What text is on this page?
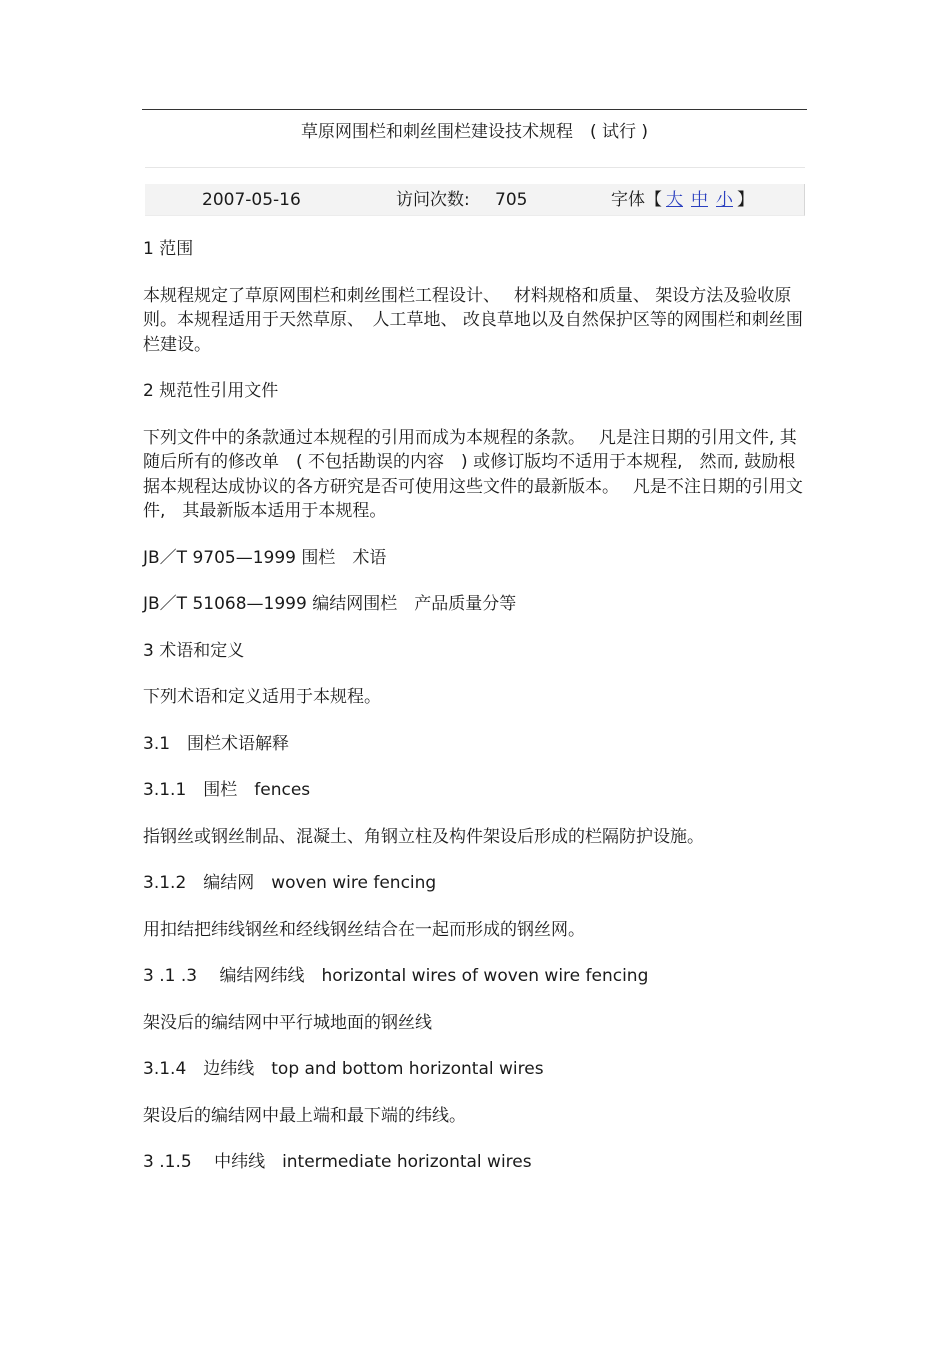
草原网围栏和刺丝围栏建设技术规程　( 试行 )
2007-05-16	访问次数: 705	字体【 大 中 小 】

1 范围

本规程规定了草原网围栏和刺丝围栏工程设计、　 材料规格和质量、 架设方法及验收原则。本规程适用于天然草原、　人工草地、 改良草地以及自然保护区等的网围栏和刺丝围栏建设。

2 规范性引用文件

下列文件中的条款通过本规程的引用而成为本规程的条款。　 凡是注日期的引用文件, 其随后所有的修改单　( 不包括勘误的内容　) 或修订版均不适用于本规程,　然而, 鼓励根据本规程达成协议的各方研究是否可使用这些文件的最新版本。　 凡是不注日期的引用文件,　其最新版本适用于本规程。

JB／T 9705—1999 围栏　术语

JB／T 51068—1999 编结网围栏　产品质量分等

3 术语和定义

下列术语和定义适用于本规程。

3.1　围栏术语解释

3.1.1　围栏　fences

指钢丝或钢丝制品、混凝土、角钢立柱及构件架设后形成的栏隔防护设施。

3.1.2　编结网　woven wire fencing

用扣结把纬线钢丝和经线钢丝结合在一起而形成的钢丝网。

3 .1 .3　 编结网纬线　horizontal wires of woven wire fencing

架没后的编结网中平行城地面的钢丝线

3.1.4　边纬线　top and bottom horizontal wires

架设后的编结网中最上端和最下端的纬线。

3 .1.5　 中纬线　intermediate horizontal wires
